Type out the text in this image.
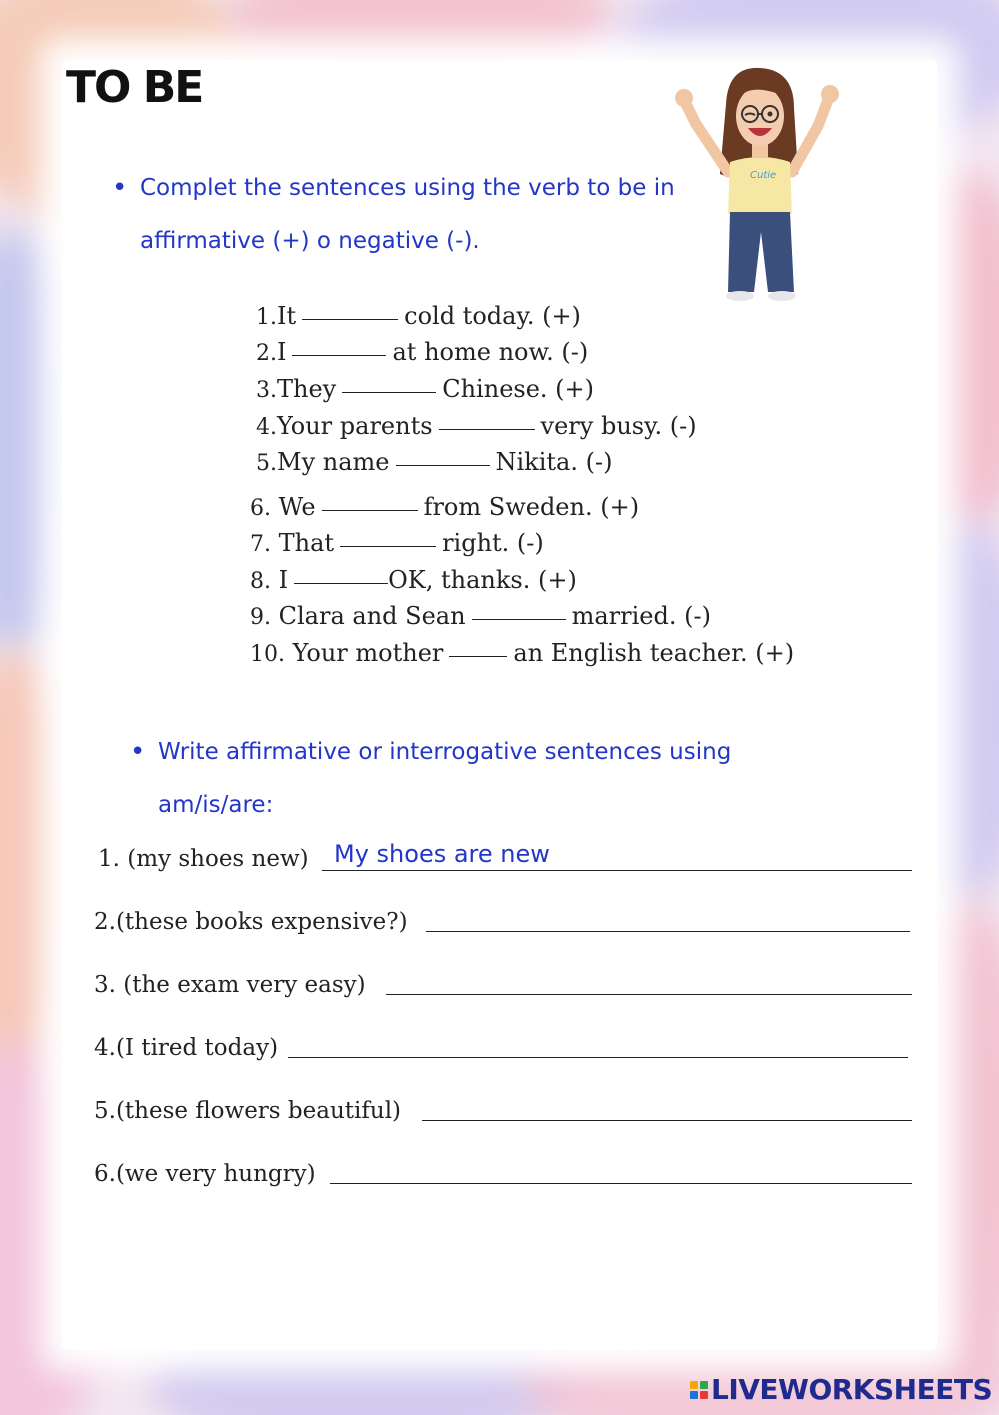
TO BE
Cutie
• Complet the sentences using the verb to be in
affirmative (+) o negative (-).
1.It	cold today. (+)
2.I	at home now. (-)
3.They	Chinese. (+)
4.Your parents	very busy. (-)
5.My name	Nikita. (-)
6. We	from Sweden. (+)
7. That	right. (-)
8. I	OK, thanks. (+)
9. Clara and Sean	married. (-)
10. Your mother	an English teacher. (+)
• Write affirmative or interrogative sentences using
am/is/are:
1. (my shoes new) My shoes are new
2.(these books expensive?)
3. (the exam very easy)
4.(I tired today)
5.(these flowers beautiful)
6.(we very hungry)
LIVEWORKSHEETS
